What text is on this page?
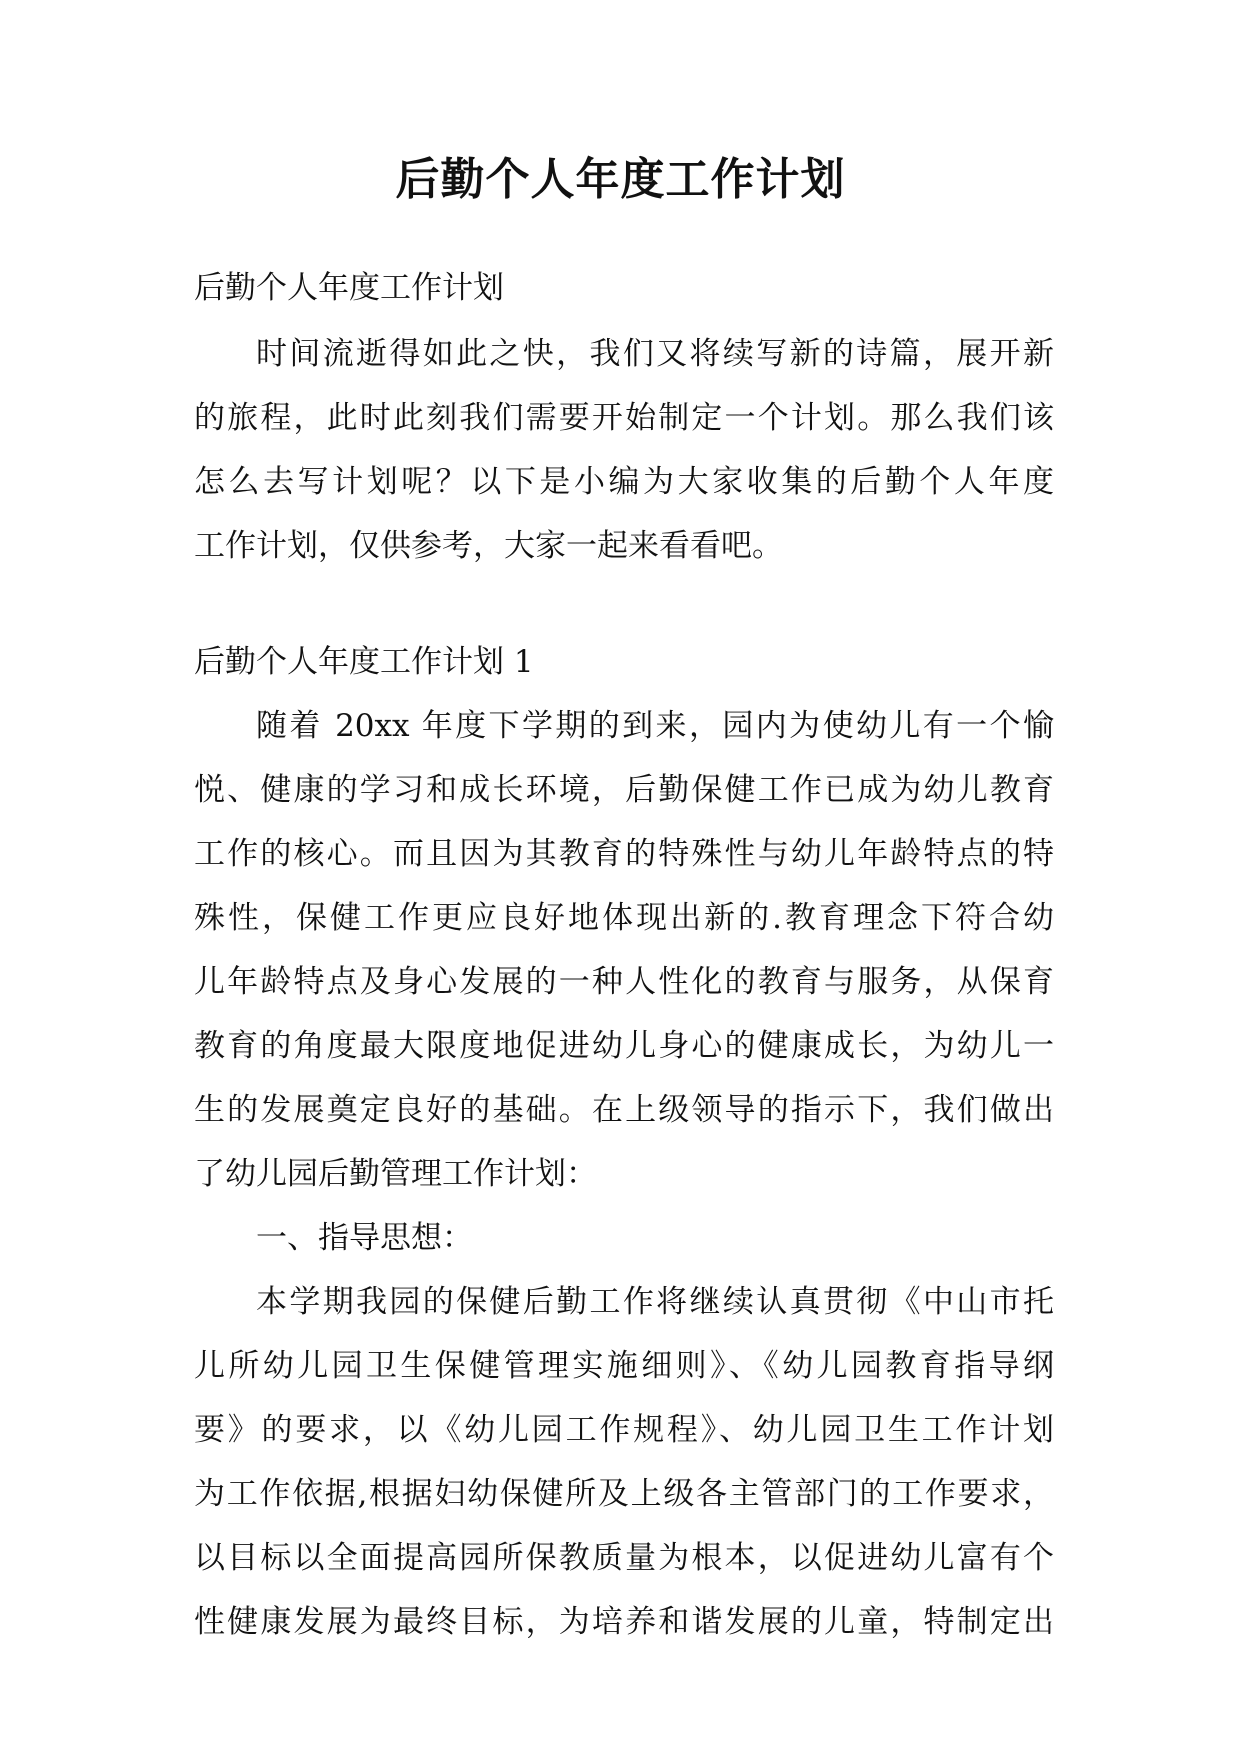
后勤个人年度工作计划
后勤个人年度工作计划
时间流逝得如此之快，我们又将续写新的诗篇，展开新
的旅程，此时此刻我们需要开始制定一个计划。那么我们该
怎么去写计划呢？以下是小编为大家收集的后勤个人年度
工作计划，仅供参考，大家一起来看看吧。
后勤个人年度工作计划 1
随着 20xx 年度下学期的到来，园内为使幼儿有一个愉
悦、健康的学习和成长环境，后勤保健工作已成为幼儿教育
工作的核心。而且因为其教育的特殊性与幼儿年龄特点的特
殊性，保健工作更应良好地体现出新的.教育理念下符合幼
儿年龄特点及身心发展的一种人性化的教育与服务，从保育
教育的角度最大限度地促进幼儿身心的健康成长，为幼儿一
生的发展奠定良好的基础。在上级领导的指示下，我们做出
了幼儿园后勤管理工作计划：
一、指导思想：
本学期我园的保健后勤工作将继续认真贯彻《中山市托
儿所幼儿园卫生保健管理实施细则》、《幼儿园教育指导纲
要》的要求，以《幼儿园工作规程》、幼儿园卫生工作计划
为工作依据,根据妇幼保健所及上级各主管部门的工作要求，
以目标以全面提高园所保教质量为根本，以促进幼儿富有个
性健康发展为最终目标，为培养和谐发展的儿童，特制定出
